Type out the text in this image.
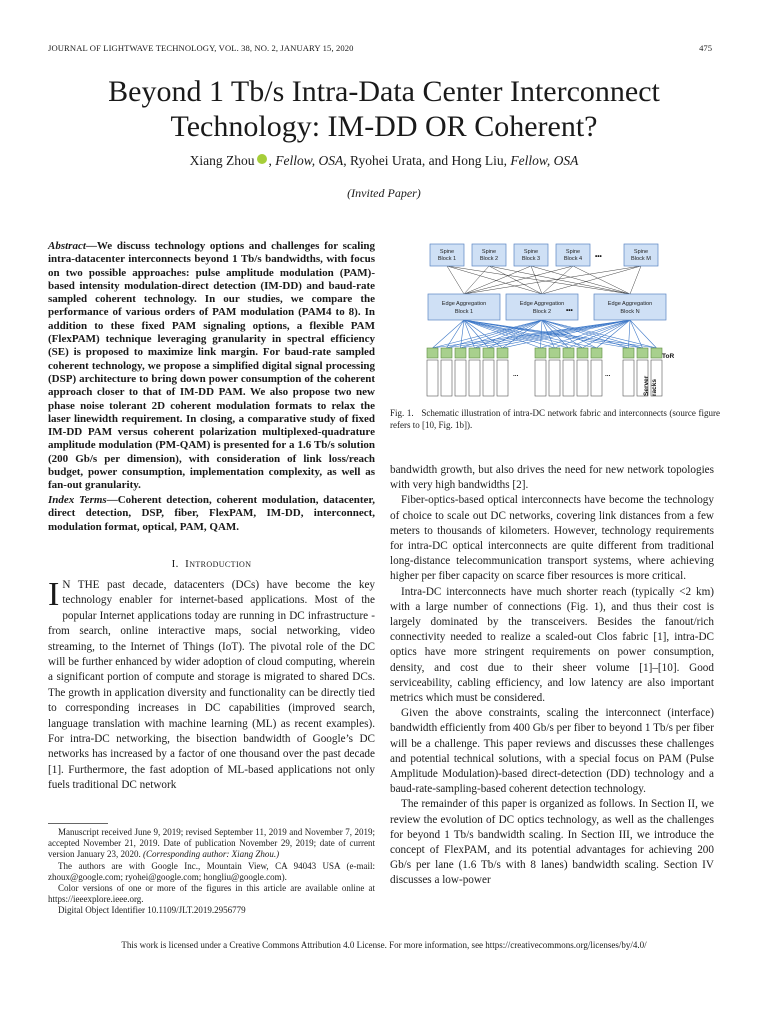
JOURNAL OF LIGHTWAVE TECHNOLOGY, VOL. 38, NO. 2, JANUARY 15, 2020	475
Beyond 1 Tb/s Intra-Data Center Interconnect Technology: IM-DD OR Coherent?
Xiang Zhou , Fellow, OSA, Ryohei Urata, and Hong Liu, Fellow, OSA
(Invited Paper)
Abstract—We discuss technology options and challenges for scaling intra-datacenter interconnects beyond 1 Tb/s bandwidths, with focus on two possible approaches: pulse amplitude modulation (PAM)-based intensity modulation-direct detection (IM-DD) and baud-rate sampled coherent technology. In our studies, we compare the performance of various orders of PAM modulation (PAM4 to 8). In addition to these fixed PAM signaling options, a flexible PAM (FlexPAM) technique leveraging granularity in spectral efficiency (SE) is proposed to maximize link margin. For baud-rate sampled coherent technology, we propose a simplified digital signal processing (DSP) architecture to bring down power consumption of the coherent approach closer to that of IM-DD PAM. We also propose two new phase noise tolerant 2D coherent modulation formats to relax the laser linewidth requirement. In closing, a comparative study of fixed IM-DD PAM versus coherent polarization multiplexed-quadrature amplitude modulation (PM-QAM) is presented for a 1.6 Tb/s solution (200 Gb/s per dimension), with consideration of link loss/reach budget, power consumption, implementation complexity, as well as fan-out granularity.
Index Terms—Coherent detection, coherent modulation, datacenter, direct detection, DSP, fiber, FlexPAM, IM-DD, interconnect, modulation format, optical, PAM, QAM.
I. Introduction
I N THE past decade, datacenters (DCs) have become the key technology enabler for internet-based applications. Most of the popular Internet applications today are running in DC infrastructure - from search, online interactive maps, social networking, video streaming, to the Internet of Things (IoT). The pivotal role of the DC will be further enhanced by wider adoption of cloud computing, wherein a significant portion of compute and storage is migrated to shared DCs. The growth in application diversity and functionality can be directly tied to corresponding increases in DC capabilities (improved search, language translation with machine learning (ML) as recent examples). For intra-DC networking, the bisection bandwidth of Google’s DC networks has increased by a factor of one thousand over the past decade [1]. Furthermore, the fast adoption of ML-based applications not only fuels traditional DC network

Manuscript received June 9, 2019; revised September 11, 2019 and November 7, 2019; accepted November 21, 2019. Date of publication November 29, 2019; date of current version January 23, 2020. (Corresponding author: Xiang Zhou.)

The authors are with Google Inc., Mountain View, CA 94043 USA (e-mail: zhoux@google.com; ryohei@google.com; hongliu@google.com).

Color versions of one or more of the figures in this article are available online at https://ieeexplore.ieee.org.

Digital Object Identifier 10.1109/JLT.2019.2956779

Spine
Block 1
Spine
Block 2
Spine
Block 3
Spine
Block 4
Spine
Block M
•••
Edge Aggregation
Block 1
Edge Aggregation
Block 2
Edge Aggregation
Block N
•••
...	...
ToR
Server racks
Fig. 1. Schematic illustration of intra-DC network fabric and interconnects (source figure refers to [10, Fig. 1b]).

bandwidth growth, but also drives the need for new network topologies with very high bandwidths [2].

Fiber-optics-based optical interconnects have become the technology of choice to scale out DC networks, covering link distances from a few meters to thousands of kilometers. However, technology requirements for intra-DC optical interconnects are quite different from traditional long-distance telecommunication transport systems, where achieving higher per fiber capacity on scarce fiber resources is more critical.

Intra-DC interconnects have much shorter reach (typically <2 km) with a large number of connections (Fig. 1), and thus their cost is largely dominated by the transceivers. Besides the fanout/rich connectivity needed to realize a scaled-out Clos fabric [1], intra-DC optics have more stringent requirements on power consumption, density, and cost due to their sheer volume [1]–[10]. Good serviceability, cabling efficiency, and low latency are also important metrics which must be considered.

Given the above constraints, scaling the interconnect (interface) bandwidth efficiently from 400 Gb/s per fiber to beyond 1 Tb/s per fiber will be a challenge. This paper reviews and discusses these challenges and potential technical solutions, with a special focus on PAM (Pulse Amplitude Modulation)-based direct-detection (DD) technology and a baud-rate-sampling-based coherent detection technology.

The remainder of this paper is organized as follows. In Section II, we review the evolution of DC optics technology, as well as the challenges for beyond 1 Tb/s bandwidth scaling. In Section III, we introduce the concept of FlexPAM, and its potential advantages for achieving 200 Gb/s per lane (1.6 Tb/s with 8 lanes) bandwidth scaling. Section IV discusses a low-power

This work is licensed under a Creative Commons Attribution 4.0 License. For more information, see https://creativecommons.org/licenses/by/4.0/
